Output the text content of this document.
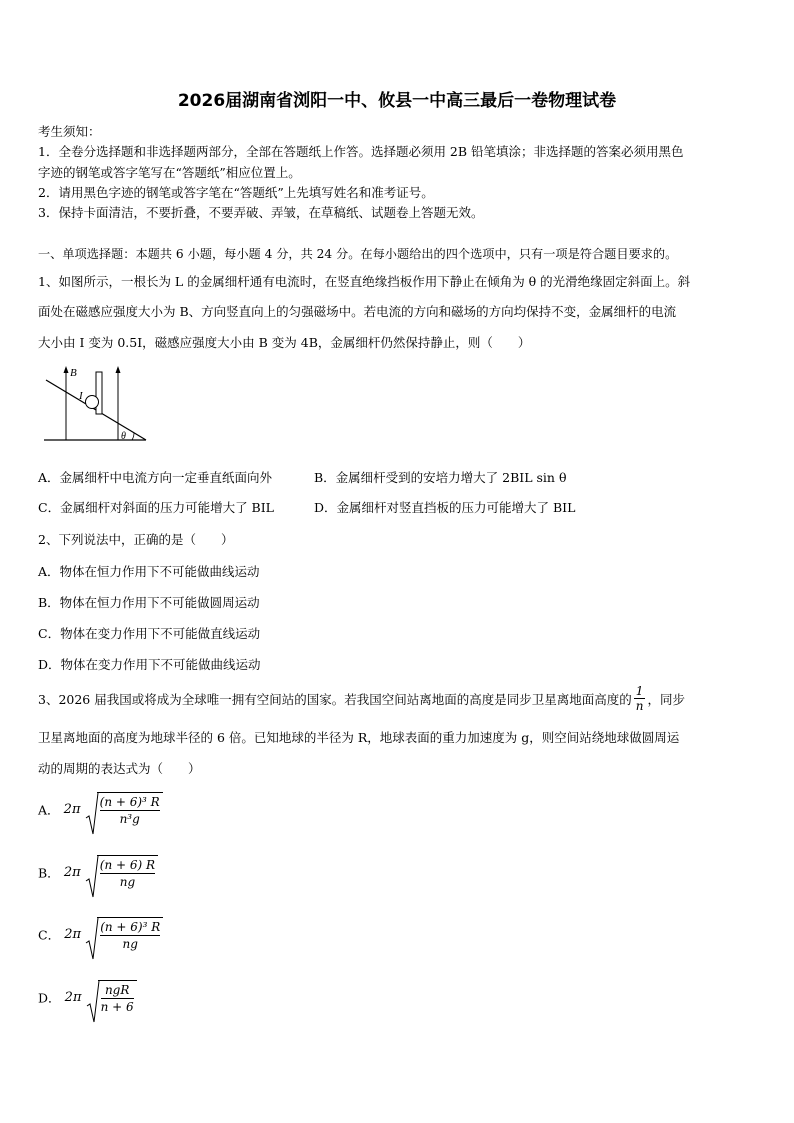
2026届湖南省浏阳一中、攸县一中高三最后一卷物理试卷
考生须知：
1．全卷分选择题和非选择题两部分，全部在答题纸上作答。选择题必须用 2B 铅笔填涂；非选择题的答案必须用黑色
字迹的钢笔或答字笔写在“答题纸”相应位置上。
2．请用黑色字迹的钢笔或答字笔在“答题纸”上先填写姓名和准考证号。
3．保持卡面清洁，不要折叠，不要弄破、弄皱，在草稿纸、试题卷上答题无效。
一、单项选择题：本题共 6 小题，每小题 4 分，共 24 分。在每小题给出的四个选项中，只有一项是符合题目要求的。
1、如图所示，一根长为 L 的金属细杆通有电流时，在竖直绝缘挡板作用下静止在倾角为 θ 的光滑绝缘固定斜面上。斜
面处在磁感应强度大小为 B、方向竖直向上的匀强磁场中。若电流的方向和磁场的方向均保持不变，金属细杆的电流
大小由 I 变为 0.5I，磁感应强度大小由 B 变为 4B，金属细杆仍然保持静止，则（　　）
B
I
θ
A．金属细杆中电流方向一定垂直纸面向外	B．金属细杆受到的安培力增大了 2BIL sin θ
C．金属细杆对斜面的压力可能增大了 BIL	D．金属细杆对竖直挡板的压力可能增大了 BIL
2、下列说法中，正确的是（　　）
A．物体在恒力作用下不可能做曲线运动
B．物体在恒力作用下不可能做圆周运动
C．物体在变力作用下不可能做直线运动
D．物体在变力作用下不可能做曲线运动
3、2026 届我国或将成为全球唯一拥有空间站的国家。若我国空间站离地面的高度是同步卫星离地面高度的 $\frac{1}{n}$ ，同步
卫星离地面的高度为地球半径的 6 倍。已知地球的半径为 R，地球表面的重力加速度为 g，则空间站绕地球做圆周运
动的周期的表达式为（　　）
A． $2\pi \frac{\text{(n + 6)³ R}}{\text{n³g}}$
B． $2\pi \frac{(n + 6) R}{ng}$
C． $2\pi \frac{\text{(n + 6)³ R}}{ng}$
D． $2\pi \frac{\text{ngR}}{n + 6}$
